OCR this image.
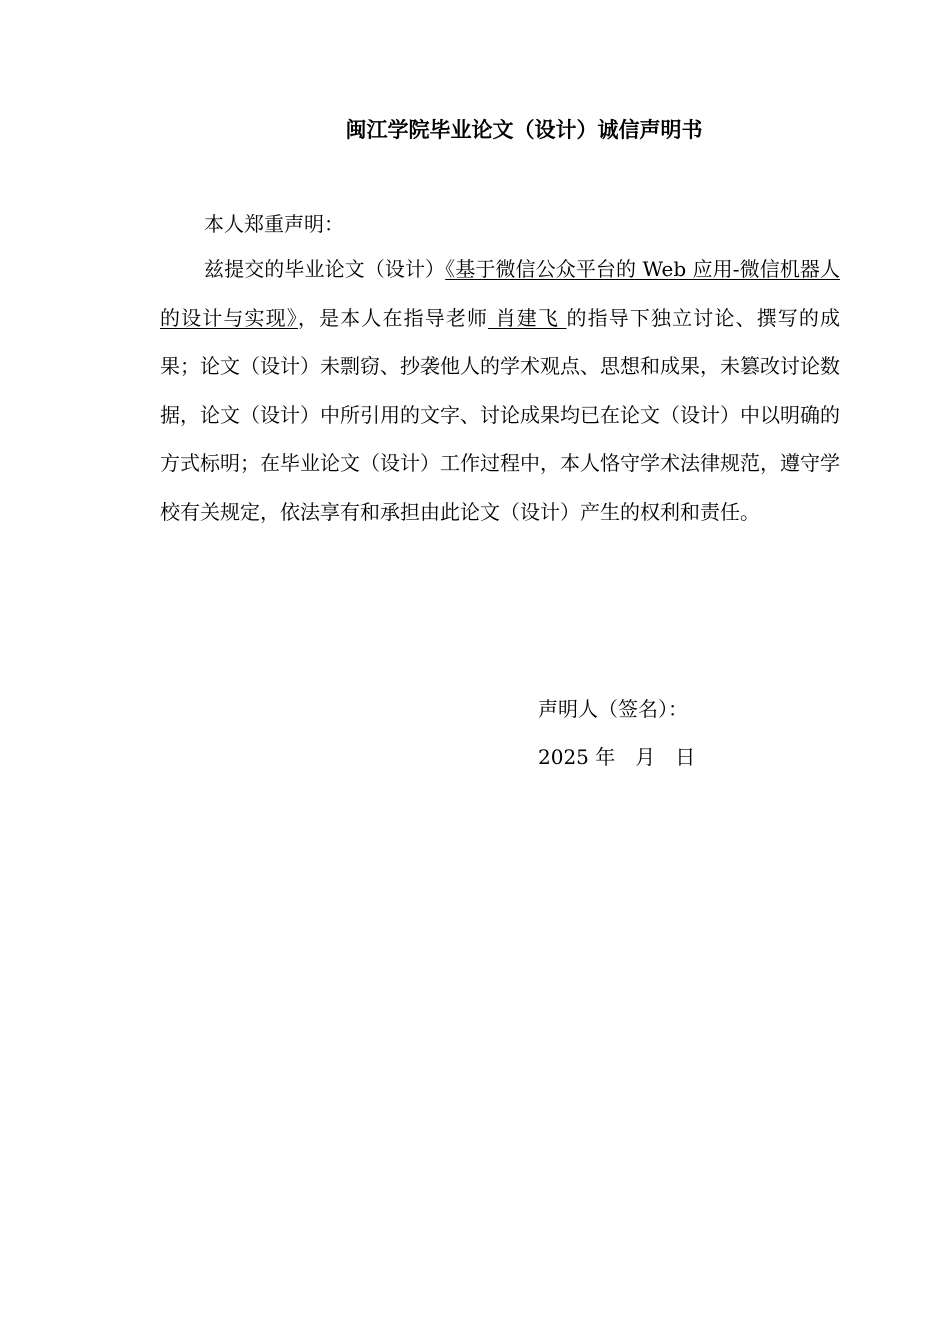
闽江学院毕业论文（设计）诚信声明书
本人郑重声明：
兹提交的毕业论文（设计）《基于微信公众平台的 Web 应用-微信机器人的设计与实现》，是本人在指导老师 肖建飞 的指导下独立讨论、撰写的成果；论文（设计）未剽窃、抄袭他人的学术观点、思想和成果，未篡改讨论数据，论文（设计）中所引用的文字、讨论成果均已在论文（设计）中以明确的方式标明；在毕业论文（设计）工作过程中，本人恪守学术法律规范，遵守学校有关规定，依法享有和承担由此论文（设计）产生的权利和责任。
声明人（签名）：
2025 年　月　日
